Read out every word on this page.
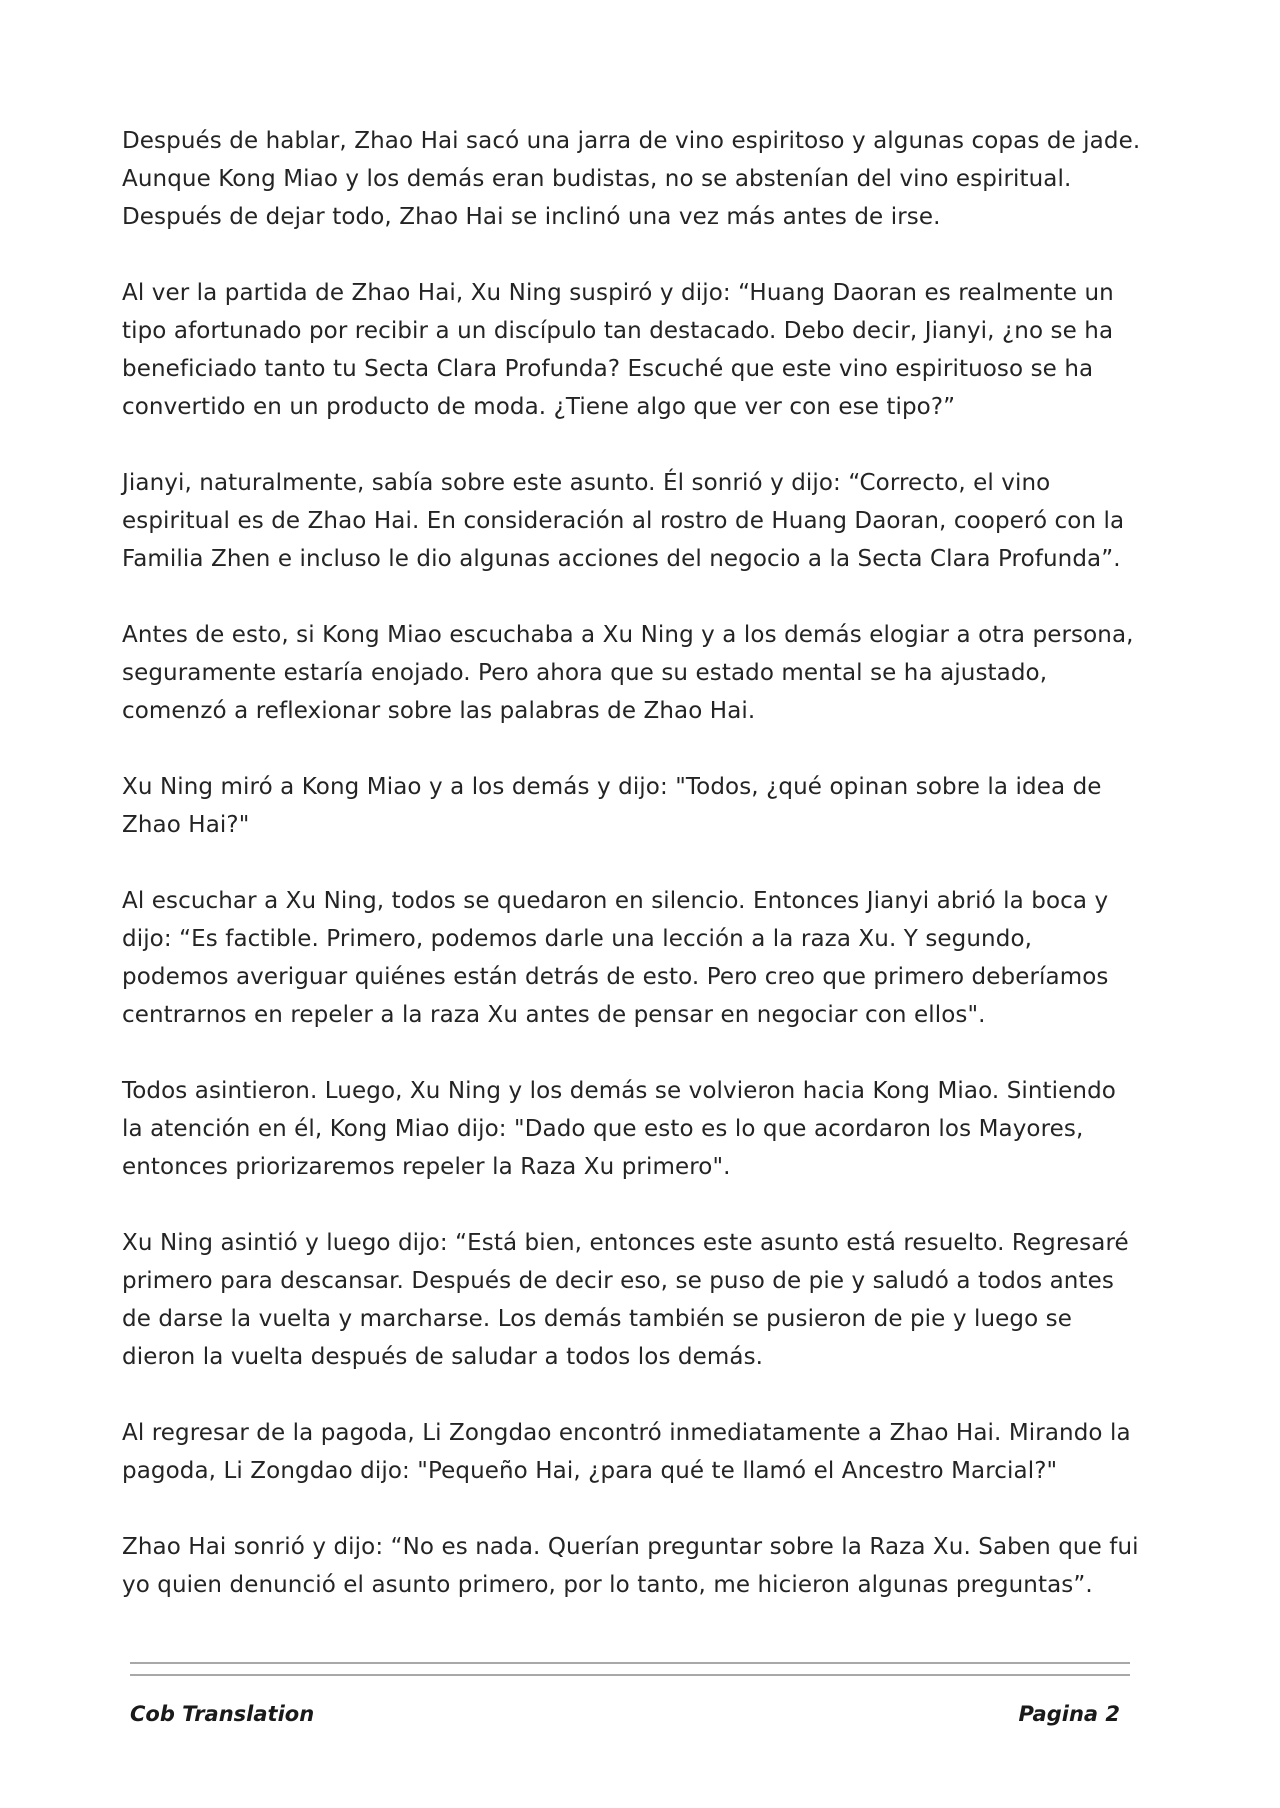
Después de hablar, Zhao Hai sacó una jarra de vino espiritoso y algunas copas de jade. Aunque Kong Miao y los demás eran budistas, no se abstenían del vino espiritual. Después de dejar todo, Zhao Hai se inclinó una vez más antes de irse.

Al ver la partida de Zhao Hai, Xu Ning suspiró y dijo: “Huang Daoran es realmente un tipo afortunado por recibir a un discípulo tan destacado. Debo decir, Jianyi, ¿no se ha beneficiado tanto tu Secta Clara Profunda? Escuché que este vino espirituoso se ha convertido en un producto de moda. ¿Tiene algo que ver con ese tipo?”

Jianyi, naturalmente, sabía sobre este asunto. Él sonrió y dijo: “Correcto, el vino espiritual es de Zhao Hai. En consideración al rostro de Huang Daoran, cooperó con la Familia Zhen e incluso le dio algunas acciones del negocio a la Secta Clara Profunda”.

Antes de esto, si Kong Miao escuchaba a Xu Ning y a los demás elogiar a otra persona, seguramente estaría enojado. Pero ahora que su estado mental se ha ajustado, comenzó a reflexionar sobre las palabras de Zhao Hai.

Xu Ning miró a Kong Miao y a los demás y dijo: "Todos, ¿qué opinan sobre la idea de Zhao Hai?"

Al escuchar a Xu Ning, todos se quedaron en silencio. Entonces Jianyi abrió la boca y dijo: “Es factible. Primero, podemos darle una lección a la raza Xu. Y segundo, podemos averiguar quiénes están detrás de esto. Pero creo que primero deberíamos centrarnos en repeler a la raza Xu antes de pensar en negociar con ellos".

Todos asintieron. Luego, Xu Ning y los demás se volvieron hacia Kong Miao. Sintiendo la atención en él, Kong Miao dijo: "Dado que esto es lo que acordaron los Mayores, entonces priorizaremos repeler la Raza Xu primero".

Xu Ning asintió y luego dijo: “Está bien, entonces este asunto está resuelto. Regresaré primero para descansar. Después de decir eso, se puso de pie y saludó a todos antes de darse la vuelta y marcharse. Los demás también se pusieron de pie y luego se dieron la vuelta después de saludar a todos los demás.

Al regresar de la pagoda, Li Zongdao encontró inmediatamente a Zhao Hai. Mirando la pagoda, Li Zongdao dijo: "Pequeño Hai, ¿para qué te llamó el Ancestro Marcial?"

Zhao Hai sonrió y dijo: “No es nada. Querían preguntar sobre la Raza Xu. Saben que fui yo quien denunció el asunto primero, por lo tanto, me hicieron algunas preguntas”.

Cob Translation	Pagina 2
